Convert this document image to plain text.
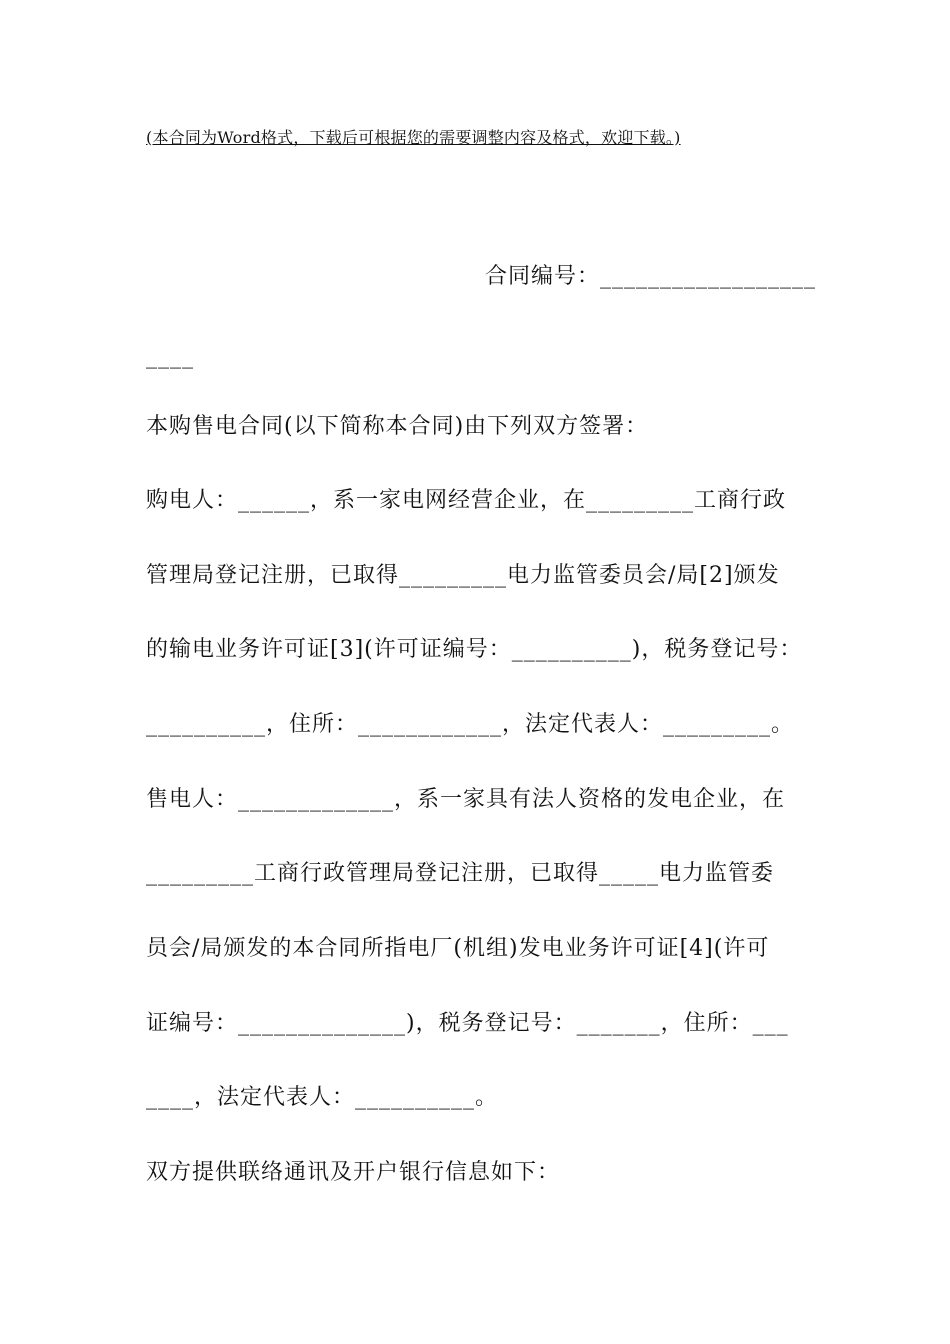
(本合同为Word格式，下载后可根据您的需要调整内容及格式，欢迎下载。)
合同编号：__________________
____
本购售电合同(以下简称本合同)由下列双方签署：
购电人：______，系一家电网经营企业，在_________工商行政
管理局登记注册，已取得_________电力监管委员会/局[2]颁发
的输电业务许可证[3](许可证编号：__________)，税务登记号：
__________，住所：____________，法定代表人：_________。
售电人：_____________，系一家具有法人资格的发电企业，在
_________工商行政管理局登记注册，已取得_____电力监管委
员会/局颁发的本合同所指电厂(机组)发电业务许可证[4](许可
证编号：______________)，税务登记号：_______，住所：___
____，法定代表人：__________。
双方提供联络通讯及开户银行信息如下：
